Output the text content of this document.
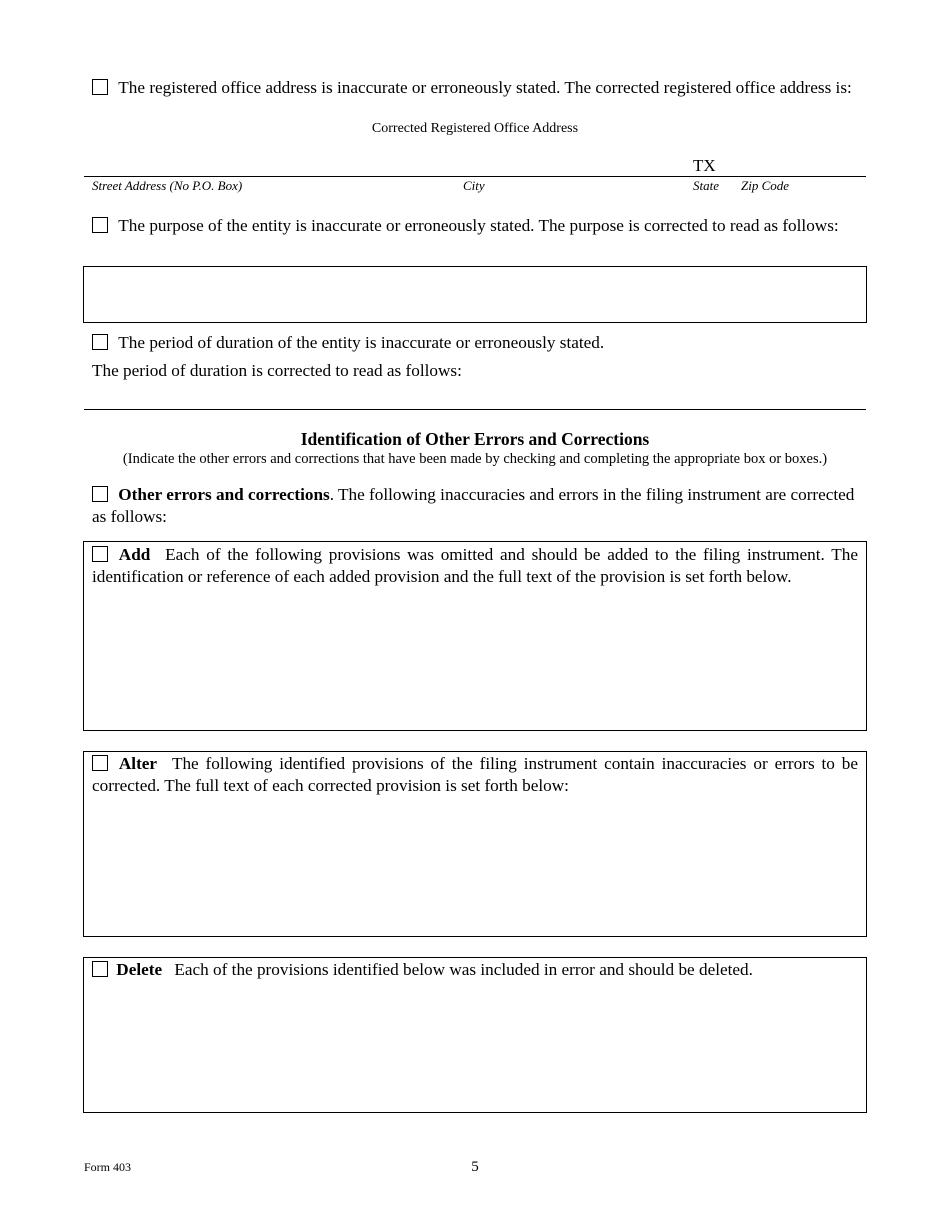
The registered office address is inaccurate or erroneously stated. The corrected registered office address is:
Corrected Registered Office Address
TX
Street Address (No P.O. Box)	City	State Zip Code
The purpose of the entity is inaccurate or erroneously stated. The purpose is corrected to read as follows:
The period of duration of the entity is inaccurate or erroneously stated.
The period of duration is corrected to read as follows:
Identification of Other Errors and Corrections
(Indicate the other errors and corrections that have been made by checking and completing the appropriate box or boxes.)
Other errors and corrections. The following inaccuracies and errors in the filing instrument are corrected as follows:
Add Each of the following provisions was omitted and should be added to the filing instrument. The identification or reference of each added provision and the full text of the provision is set forth below.
Alter The following identified provisions of the filing instrument contain inaccuracies or errors to be corrected. The full text of each corrected provision is set forth below:
Delete Each of the provisions identified below was included in error and should be deleted.
Form 403	5
